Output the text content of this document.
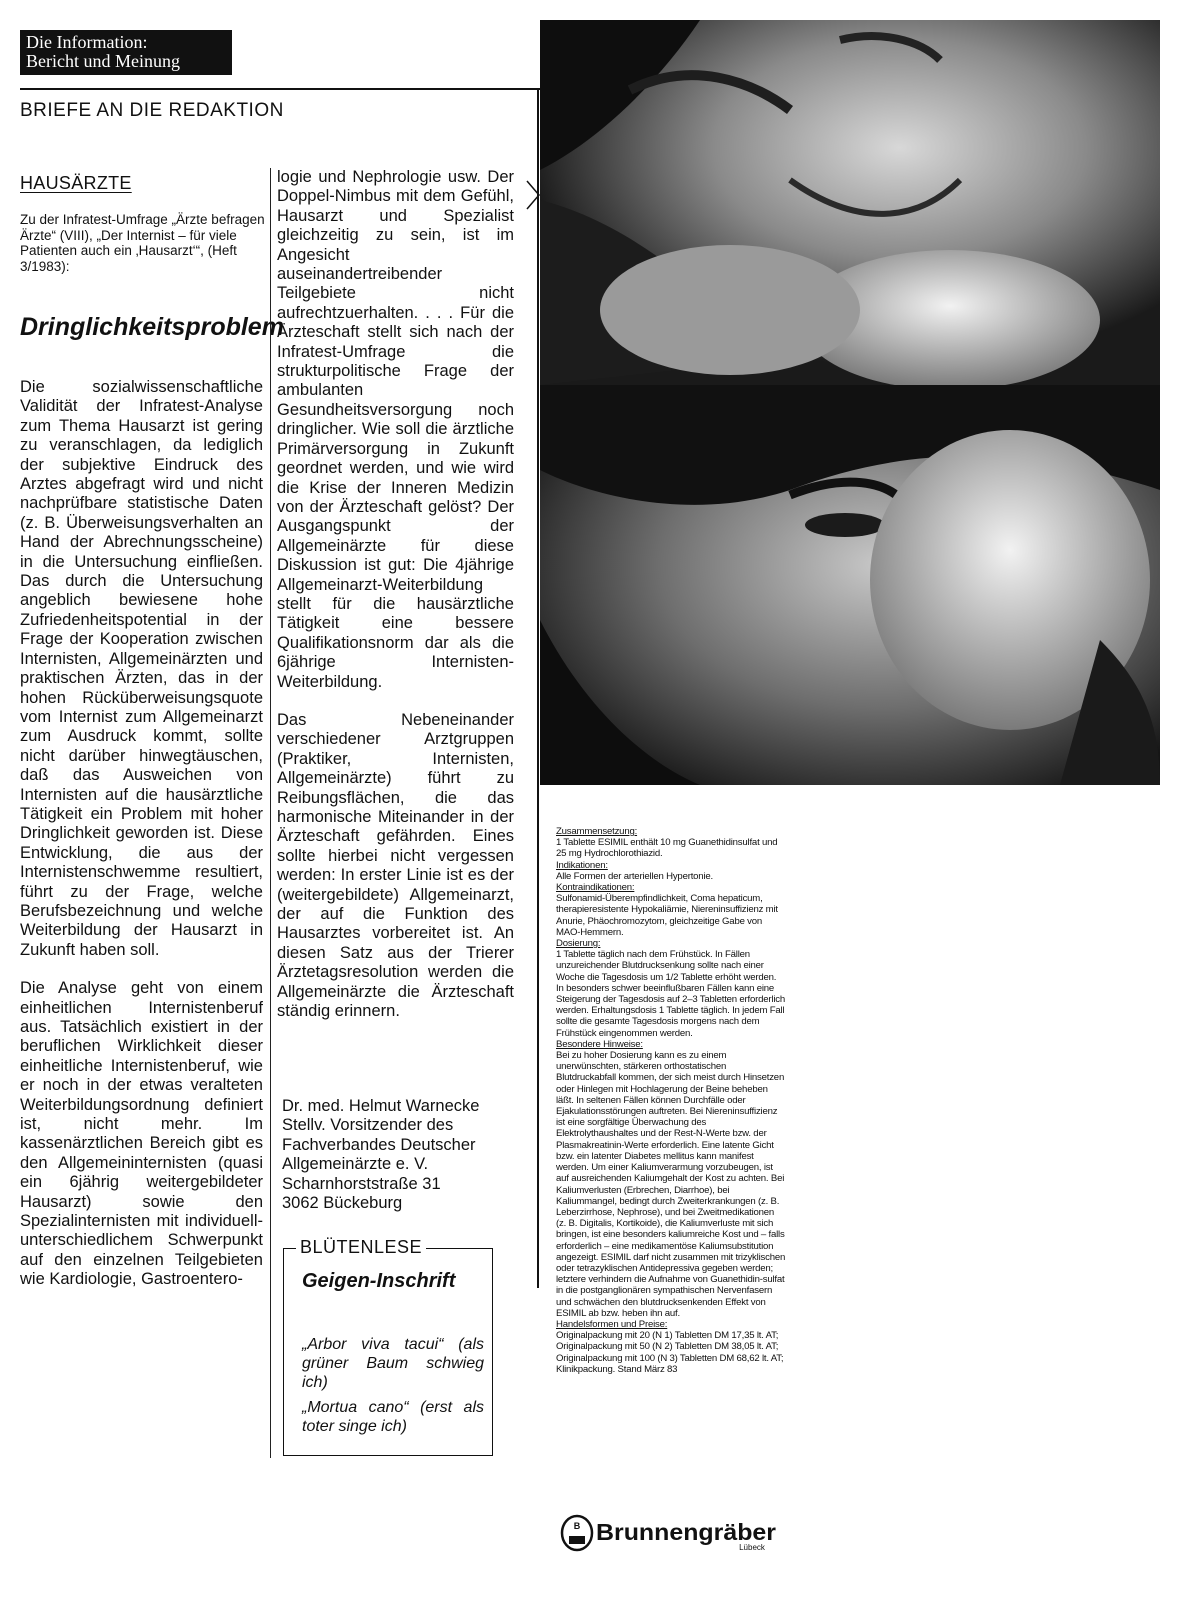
Die Information:
Bericht und Meinung
BRIEFE AN DIE REDAKTION
HAUSÄRZTE
Zu der Infratest-Umfrage „Ärzte befragen Ärzte“ (VIII), „Der Internist – für viele Patienten auch ein ‚Hausarzt‘“, (Heft 3/1983):
Dringlichkeitsproblem

Die sozialwissenschaftliche Validität der Infratest-Analyse zum Thema Hausarzt ist gering zu veranschlagen, da lediglich der subjektive Eindruck des Arztes abgefragt wird und nicht nachprüfbare statistische Daten (z. B. Überweisungsverhalten an Hand der Abrechnungsscheine) in die Untersuchung einfließen. Das durch die Untersuchung angeblich bewiesene hohe Zufriedenheitspotential in der Frage der Kooperation zwischen Internisten, Allgemeinärzten und praktischen Ärzten, das in der hohen Rücküberweisungsquote vom Internist zum Allgemeinarzt zum Ausdruck kommt, sollte nicht darüber hinwegtäuschen, daß das Ausweichen von Internisten auf die hausärztliche Tätigkeit ein Problem mit hoher Dringlichkeit geworden ist. Diese Entwicklung, die aus der Internistenschwemme resultiert, führt zu der Frage, welche Berufsbezeichnung und welche Weiterbildung der Hausarzt in Zukunft haben soll.

Die Analyse geht von einem einheitlichen Internistenberuf aus. Tatsächlich existiert in der beruflichen Wirklichkeit dieser einheitliche Internistenberuf, wie er noch in der etwas veralteten Weiterbildungsordnung definiert ist, nicht mehr. Im kassenärztlichen Bereich gibt es den Allgemeininternisten (quasi ein 6jährig weitergebildeter Hausarzt) sowie den Spezialinternisten mit individuell-unterschiedlichem Schwerpunkt auf den einzelnen Teilgebieten wie Kardiologie, Gastroentero-

logie und Nephrologie usw. Der Doppel-Nimbus mit dem Gefühl, Hausarzt und Spezialist gleichzeitig zu sein, ist im Angesicht auseinandertreibender Teilgebiete nicht aufrechtzuerhalten. . . . Für die Ärzteschaft stellt sich nach der Infratest-Umfrage die strukturpolitische Frage der ambulanten Gesundheitsversorgung noch dringlicher. Wie soll die ärztliche Primärversorgung in Zukunft geordnet werden, und wie wird die Krise der Inneren Medizin von der Ärzteschaft gelöst? Der Ausgangspunkt der Allgemeinärzte für diese Diskussion ist gut: Die 4jährige Allgemeinarzt-Weiterbildung stellt für die hausärztliche Tätigkeit eine bessere Qualifikationsnorm dar als die 6jährige Internisten-Weiterbildung.

Das Nebeneinander verschiedener Arztgruppen (Praktiker, Internisten, Allgemeinärzte) führt zu Reibungsflächen, die das harmonische Miteinander in der Ärzteschaft gefährden. Eines sollte hierbei nicht vergessen werden: In erster Linie ist es der (weitergebildete) Allgemeinarzt, der auf die Funktion des Hausarztes vorbereitet ist. An diesen Satz aus der Trierer Ärztetagsresolution werden die Allgemeinärzte die Ärzteschaft ständig erinnern.

Dr. med. Helmut Warnecke
Stellv. Vorsitzender des
Fachverbandes Deutscher
Allgemeinärzte e. V.
Scharnhorststraße 31
3062 Bückeburg
BLÜTENLESE
Geigen-Inschrift
„Arbor viva tacui“ (als grüner Baum schwieg ich)
„Mortua cano“ (erst als toter singe ich)
Zusammensetzung:
1 Tablette ESIMIL enthält 10 mg Guanethidinsulfat und 25 mg Hydrochlorothiazid.
Indikationen:
Alle Formen der arteriellen Hypertonie.
Kontraindikationen:
Sulfonamid-Überempfindlichkeit, Coma hepaticum, therapieresistente Hypokaliämie, Niereninsuffizienz mit Anurie, Phäochromozytom, gleichzeitige Gabe von MAO-Hemmern.
Dosierung:
1 Tablette täglich nach dem Frühstück. In Fällen unzureichender Blutdrucksenkung sollte nach einer Woche die Tagesdosis um 1/2 Tablette erhöht werden. In besonders schwer beeinflußbaren Fällen kann eine Steigerung der Tagesdosis auf 2–3 Tabletten erforderlich werden. Erhaltungsdosis 1 Tablette täglich. In jedem Fall sollte die gesamte Tagesdosis morgens nach dem Frühstück eingenommen werden.
Besondere Hinweise:
Bei zu hoher Dosierung kann es zu einem unerwünschten, stärkeren orthostatischen Blutdruckabfall kommen, der sich meist durch Hinsetzen oder Hinlegen mit Hochlagerung der Beine beheben läßt. In seltenen Fällen können Durchfälle oder Ejakulationsstörungen auftreten. Bei Niereninsuffizienz ist eine sorgfältige Überwachung des Elektrolythaushaltes und der Rest-N-Werte bzw. der Plasmakreatinin-Werte erforderlich. Eine latente Gicht bzw. ein latenter Diabetes mellitus kann manifest werden. Um einer Kaliumverarmung vorzubeugen, ist auf ausreichenden Kaliumgehalt der Kost zu achten. Bei Kaliumverlusten (Erbrechen, Diarrhoe), bei Kaliummangel, bedingt durch Zweiterkrankungen (z. B. Leberzirrhose, Nephrose), und bei Zweitmedikationen (z. B. Digitalis, Kortikoide), die Kaliumverluste mit sich bringen, ist eine besonders kaliumreiche Kost und – falls erforderlich – eine medikamentöse Kaliumsubstitution angezeigt. ESIMIL darf nicht zusammen mit trizyklischen oder tetrazyklischen Antidepressiva gegeben werden; letztere verhindern die Aufnahme von Guanethidin-sulfat in die postganglionären sympathischen Nervenfasern und schwächen den blutdrucksenkenden Effekt von ESIMIL ab bzw. heben ihn auf.
Handelsformen und Preise:
Originalpackung mit 20 (N 1) Tabletten DM 17,35 lt. AT; Originalpackung mit 50 (N 2) Tabletten DM 38,05 lt. AT; Originalpackung mit 100 (N 3) Tabletten DM 68,62 lt. AT; Klinikpackung. Stand März 83
B Brunnengräber
Lübeck
